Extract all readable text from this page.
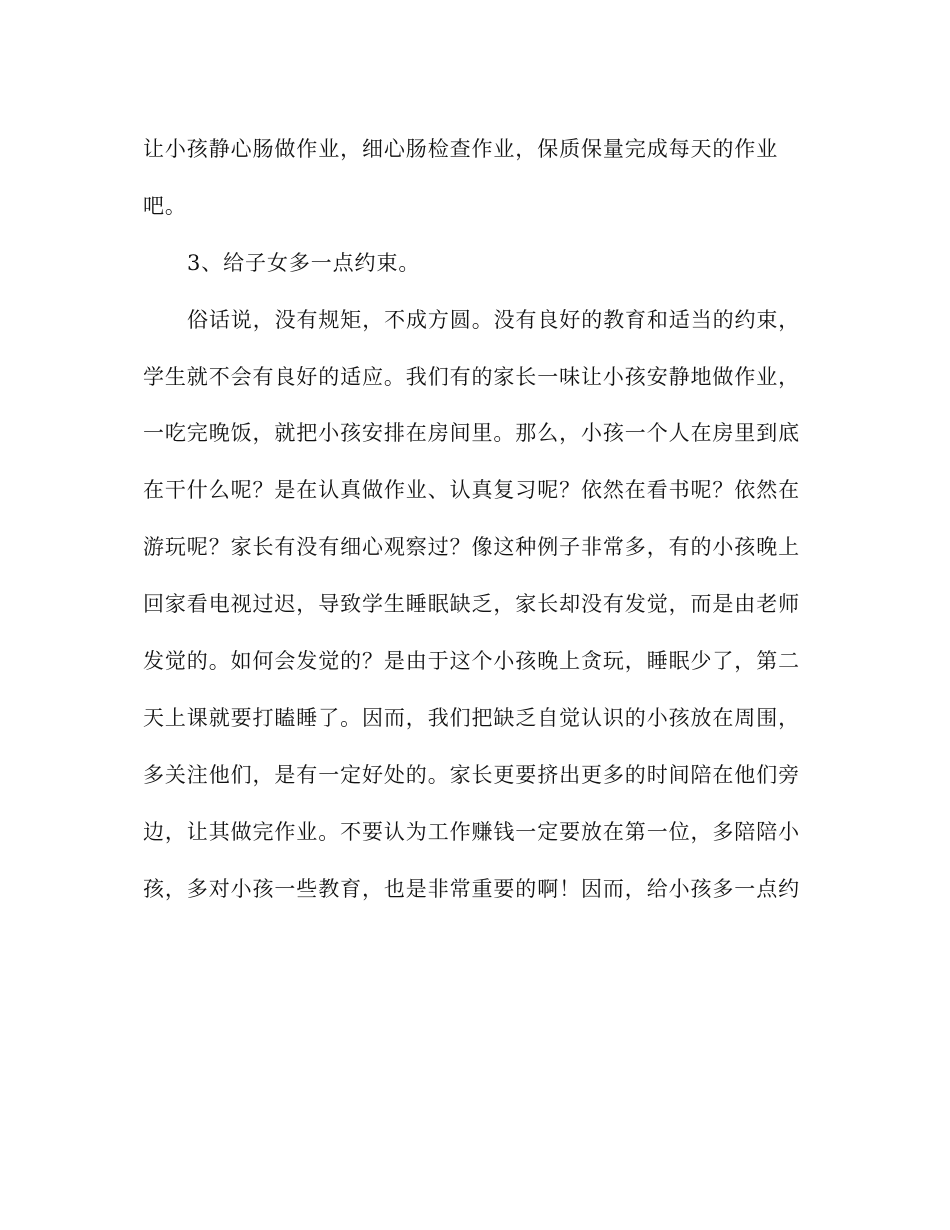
让小孩静心肠做作业，细心肠检查作业，保质保量完成每天的作业
吧。
3、给子女多一点约束。
俗话说，没有规矩，不成方圆。没有良好的教育和适当的约束，
学生就不会有良好的适应。我们有的家长一味让小孩安静地做作业，
一吃完晚饭，就把小孩安排在房间里。那么，小孩一个人在房里到底
在干什么呢？是在认真做作业、认真复习呢？依然在看书呢？依然在
游玩呢？家长有没有细心观察过？像这种例子非常多，有的小孩晚上
回家看电视过迟，导致学生睡眠缺乏，家长却没有发觉，而是由老师
发觉的。如何会发觉的？是由于这个小孩晚上贪玩，睡眠少了，第二
天上课就要打瞌睡了。因而，我们把缺乏自觉认识的小孩放在周围，
多关注他们，是有一定好处的。家长更要挤出更多的时间陪在他们旁
边，让其做完作业。不要认为工作赚钱一定要放在第一位，多陪陪小
孩，多对小孩一些教育，也是非常重要的啊！因而，给小孩多一点约
